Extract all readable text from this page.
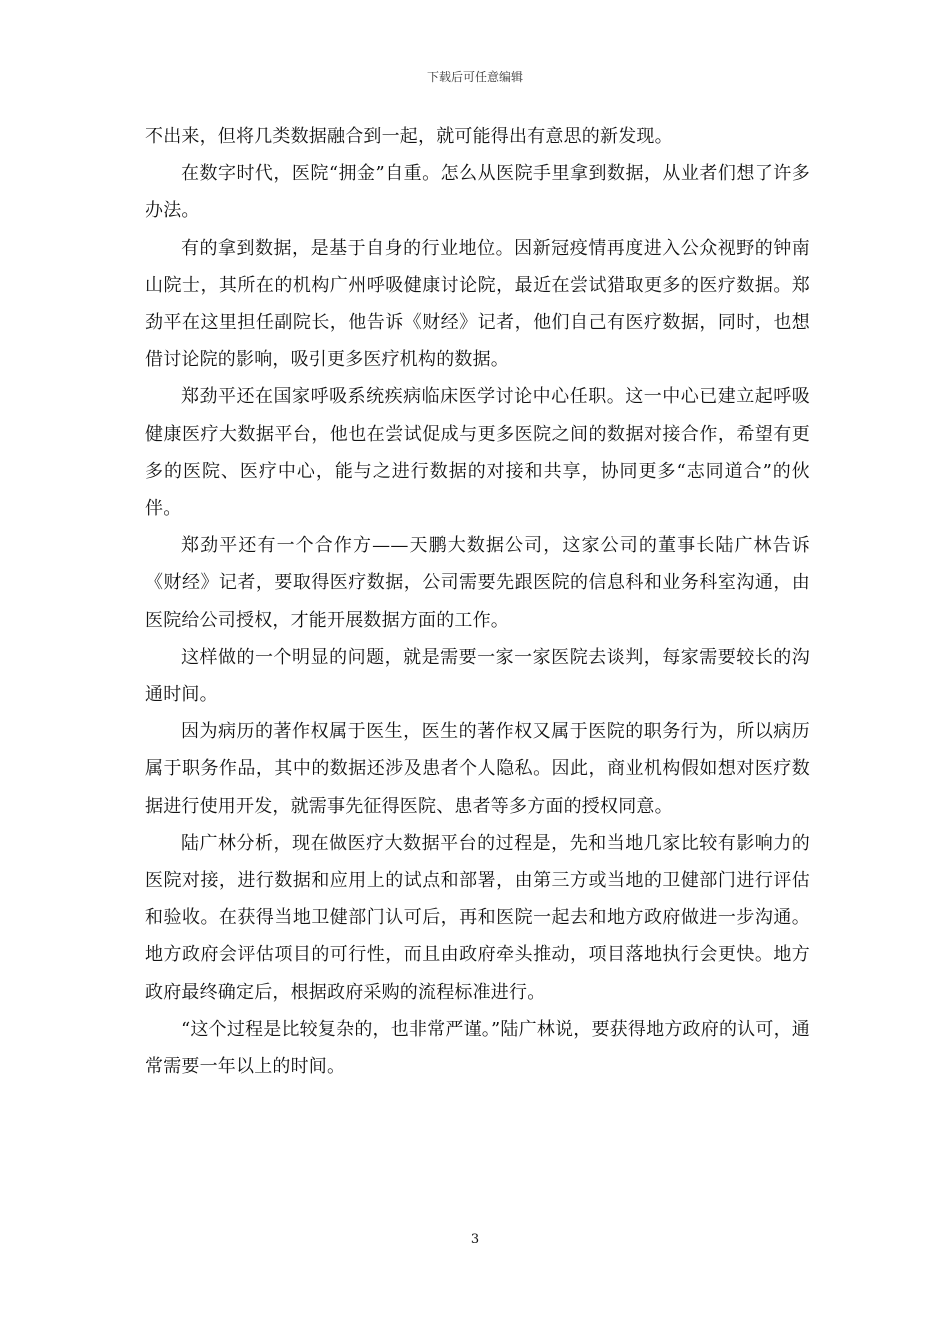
下载后可任意编辑

不出来，但将几类数据融合到一起，就可能得出有意思的新发现。

在数字时代，医院“拥金”自重。怎么从医院手里拿到数据，从业者们想了许多办法。

有的拿到数据，是基于自身的行业地位。因新冠疫情再度进入公众视野的钟南山院士，其所在的机构广州呼吸健康讨论院，最近在尝试猎取更多的医疗数据。郑劲平在这里担任副院长，他告诉《财经》记者，他们自己有医疗数据，同时，也想借讨论院的影响，吸引更多医疗机构的数据。

郑劲平还在国家呼吸系统疾病临床医学讨论中心任职。这一中心已建立起呼吸健康医疗大数据平台，他也在尝试促成与更多医院之间的数据对接合作，希望有更多的医院、医疗中心，能与之进行数据的对接和共享，协同更多“志同道合”的伙伴。

郑劲平还有一个合作方——天鹏大数据公司，这家公司的董事长陆广林告诉《财经》记者，要取得医疗数据，公司需要先跟医院的信息科和业务科室沟通，由医院给公司授权，才能开展数据方面的工作。

这样做的一个明显的问题，就是需要一家一家医院去谈判，每家需要较长的沟通时间。

因为病历的著作权属于医生，医生的著作权又属于医院的职务行为，所以病历属于职务作品，其中的数据还涉及患者个人隐私。因此，商业机构假如想对医疗数据进行使用开发，就需事先征得医院、患者等多方面的授权同意。

陆广林分析，现在做医疗大数据平台的过程是，先和当地几家比较有影响力的医院对接，进行数据和应用上的试点和部署，由第三方或当地的卫健部门进行评估和验收。在获得当地卫健部门认可后，再和医院一起去和地方政府做进一步沟通。地方政府会评估项目的可行性，而且由政府牵头推动，项目落地执行会更快。地方政府最终确定后，根据政府采购的流程标准进行。

“这个过程是比较复杂的，也非常严谨。”陆广林说，要获得地方政府的认可，通常需要一年以上的时间。

3
